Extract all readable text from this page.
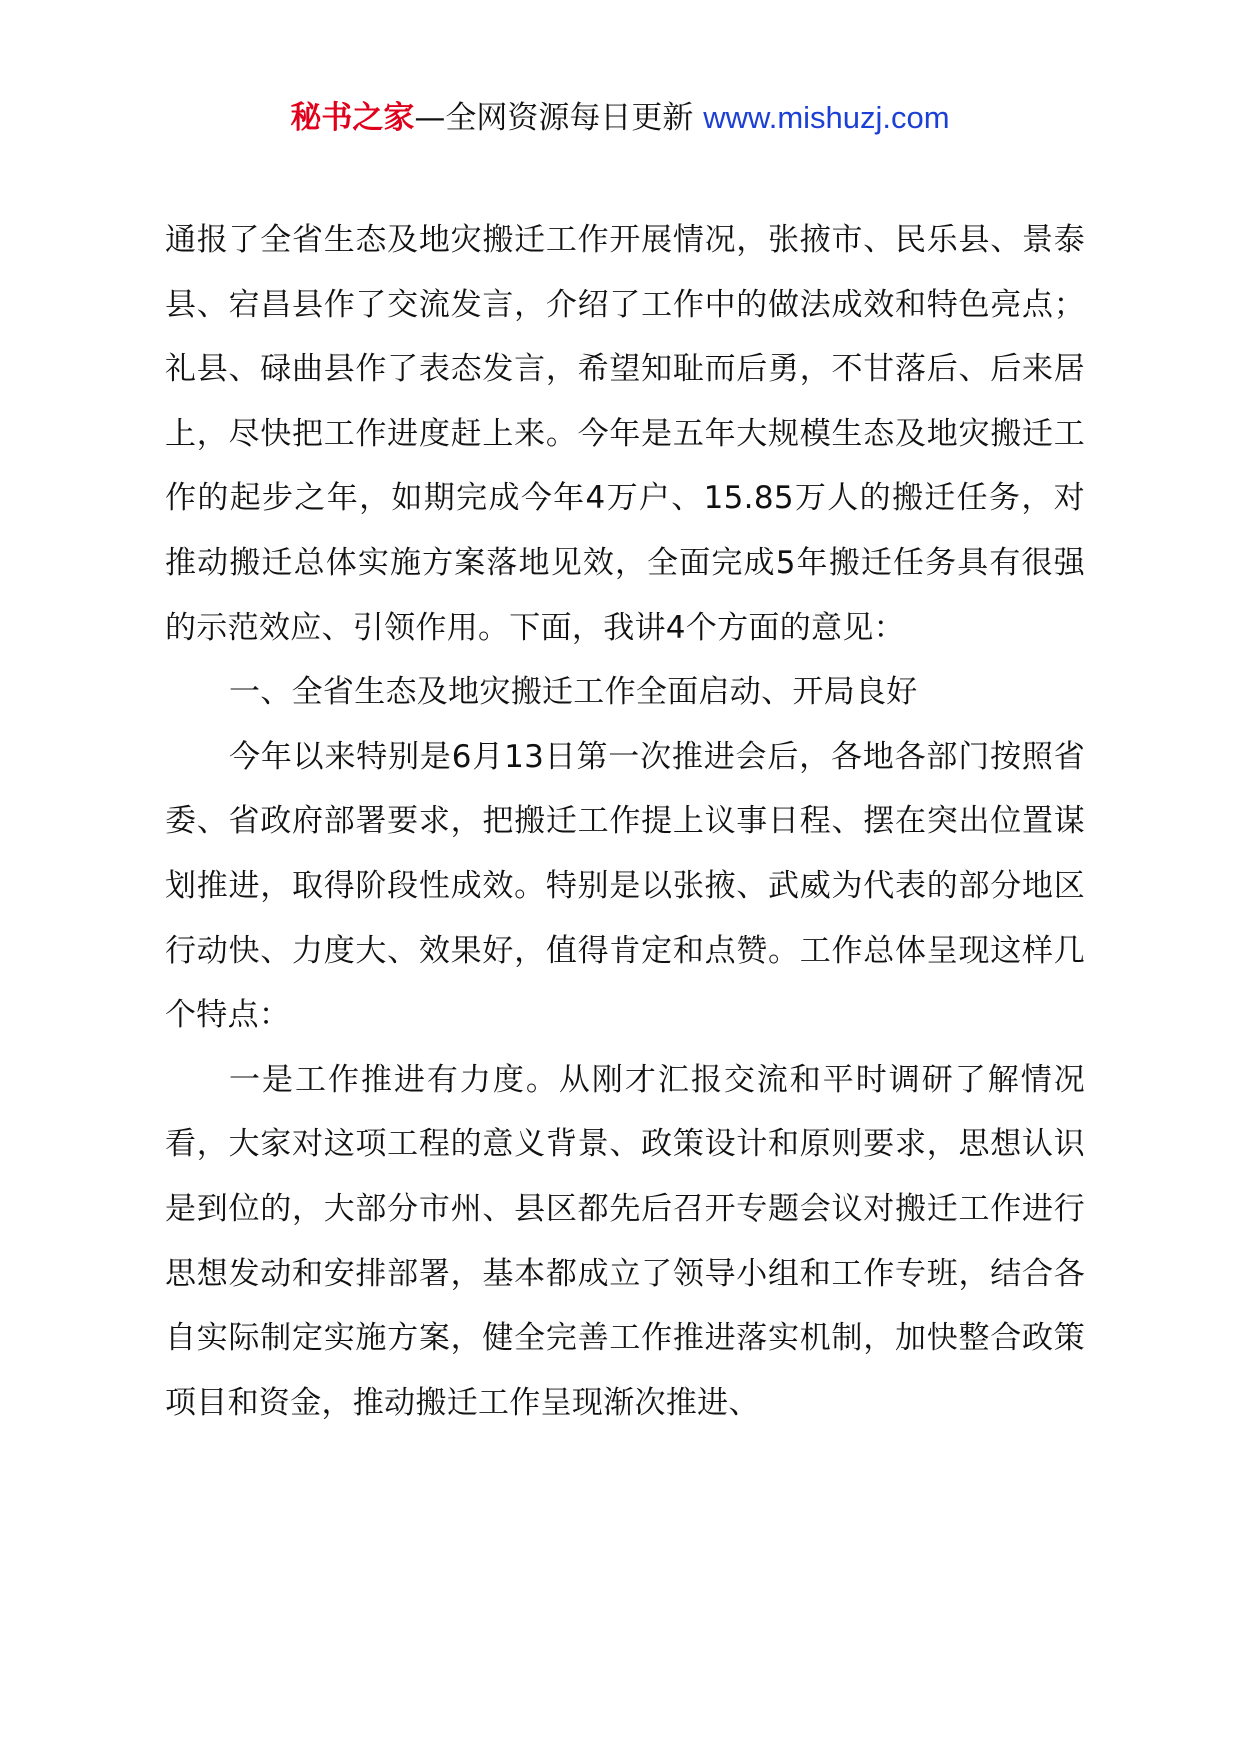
秘书之家—全网资源每日更新 www.mishuzj.com

通报了全省生态及地灾搬迁工作开展情况，张掖市、民乐县、景泰县、宕昌县作了交流发言，介绍了工作中的做法成效和特色亮点；礼县、碌曲县作了表态发言，希望知耻而后勇，不甘落后、后来居上，尽快把工作进度赶上来。今年是五年大规模生态及地灾搬迁工作的起步之年，如期完成今年4万户、15.85万人的搬迁任务，对推动搬迁总体实施方案落地见效，全面完成5年搬迁任务具有很强的示范效应、引领作用。下面，我讲4个方面的意见：

一、全省生态及地灾搬迁工作全面启动、开局良好

今年以来特别是6月13日第一次推进会后，各地各部门按照省委、省政府部署要求，把搬迁工作提上议事日程、摆在突出位置谋划推进，取得阶段性成效。特别是以张掖、武威为代表的部分地区行动快、力度大、效果好，值得肯定和点赞。工作总体呈现这样几个特点：

一是工作推进有力度。从刚才汇报交流和平时调研了解情况看，大家对这项工程的意义背景、政策设计和原则要求，思想认识是到位的，大部分市州、县区都先后召开专题会议对搬迁工作进行思想发动和安排部署，基本都成立了领导小组和工作专班，结合各自实际制定实施方案，健全完善工作推进落实机制，加快整合政策项目和资金，推动搬迁工作呈现渐次推进、
